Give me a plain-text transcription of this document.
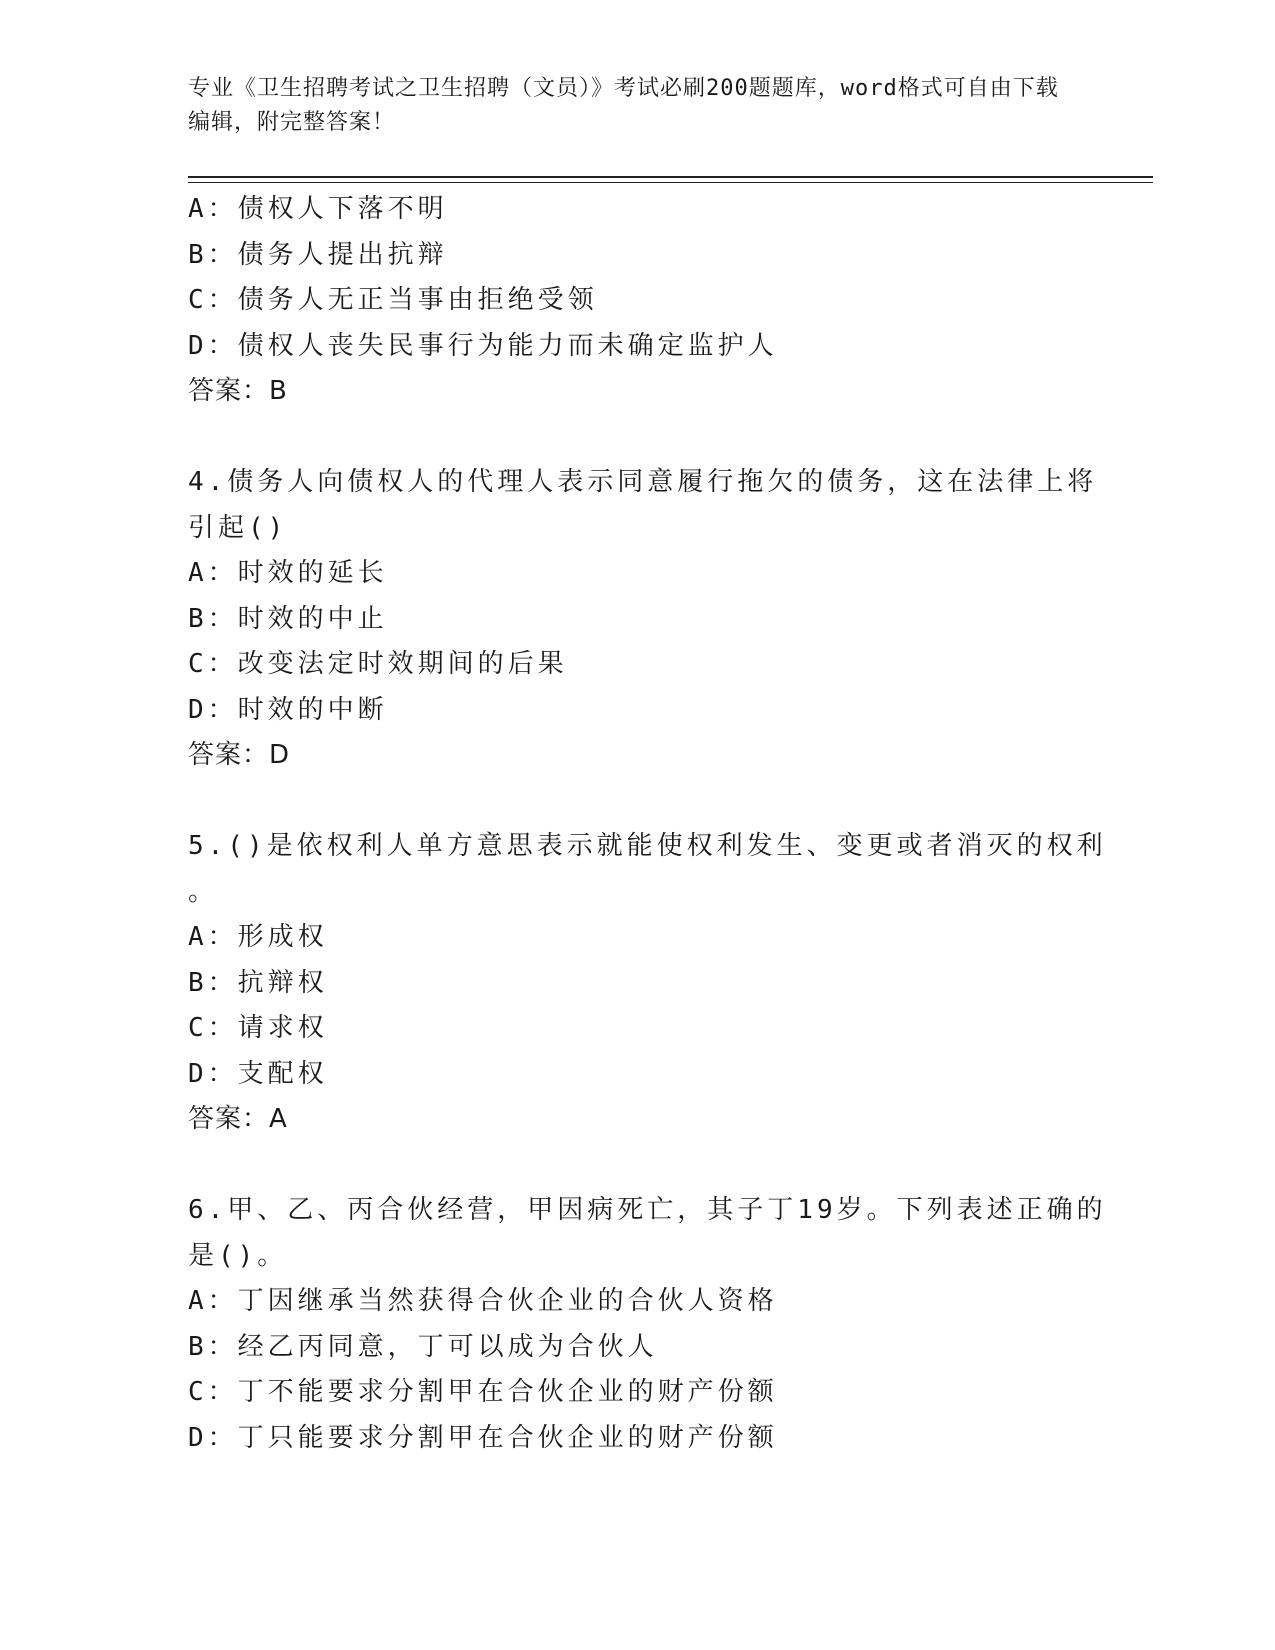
专业《卫生招聘考试之卫生招聘（文员）》考试必刷200题题库，word格式可自由下载编辑，附完整答案！
A：债权人下落不明
B：债务人提出抗辩
C：债务人无正当事由拒绝受领
D：债权人丧失民事行为能力而未确定监护人
答案：B
4.债务人向债权人的代理人表示同意履行拖欠的债务，这在法律上将
引起()
A：时效的延长
B：时效的中止
C：改变法定时效期间的后果
D：时效的中断
答案：D
5.()是依权利人单方意思表示就能使权利发生、变更或者消灭的权利
。
A：形成权
B：抗辩权
C：请求权
D：支配权
答案：A
6.甲、乙、丙合伙经营，甲因病死亡，其子丁19岁。下列表述正确的
是()。
A：丁因继承当然获得合伙企业的合伙人资格
B：经乙丙同意，丁可以成为合伙人
C：丁不能要求分割甲在合伙企业的财产份额
D：丁只能要求分割甲在合伙企业的财产份额
